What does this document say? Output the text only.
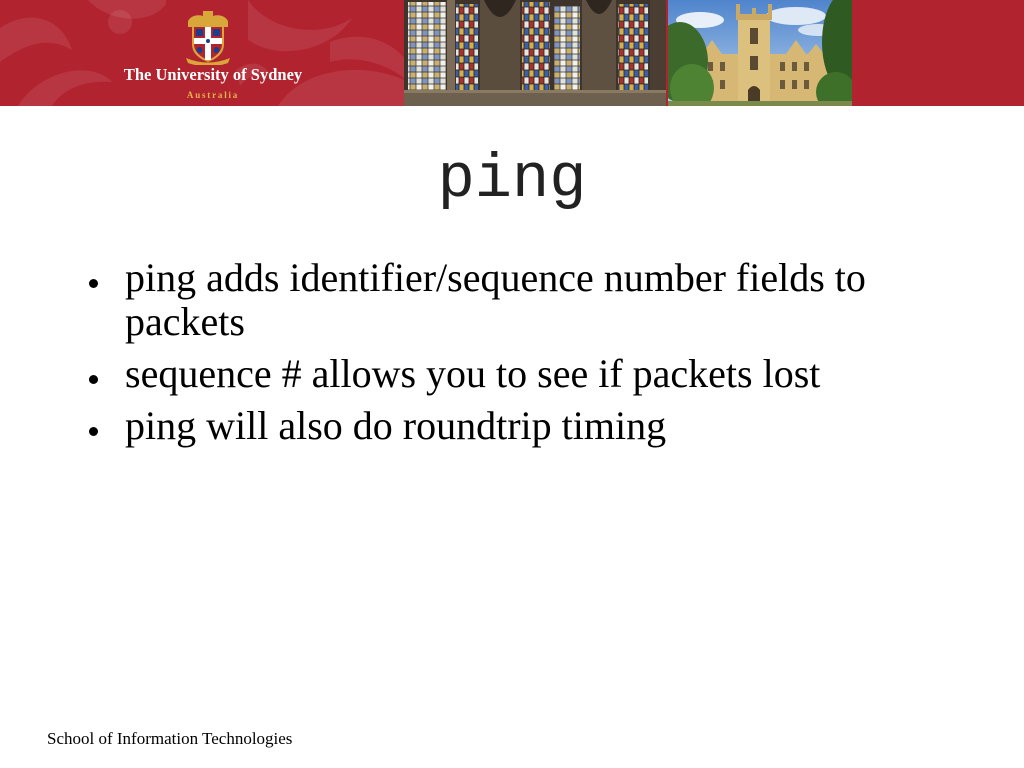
The University of Sydney
Australia
ping
ping adds identifier/sequence number fields to packets
sequence # allows you to see if packets lost
ping will also do roundtrip timing
School of Information Technologies
